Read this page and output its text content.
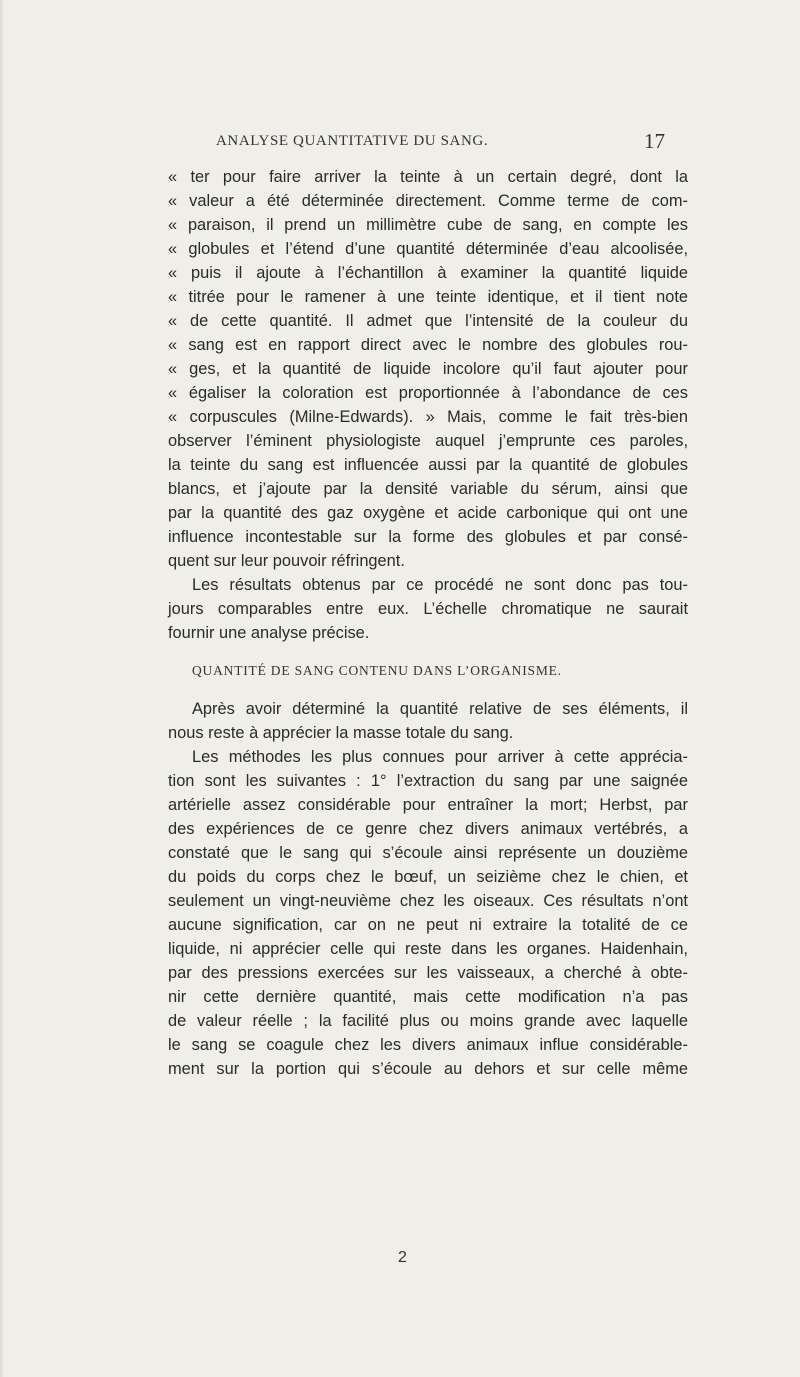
ANALYSE QUANTITATIVE DU SANG.	17
« ter pour faire arriver la teinte à un certain degré, dont la
« valeur a été déterminée directement. Comme terme de com-
« paraison, il prend un millimètre cube de sang, en compte les
« globules et l’étend d’une quantité déterminée d’eau alcoolisée,
« puis il ajoute à l’échantillon à examiner la quantité liquide
« titrée pour le ramener à une teinte identique, et il tient note
« de cette quantité. Il admet que l’intensité de la couleur du
« sang est en rapport direct avec le nombre des globules rou-
« ges, et la quantité de liquide incolore qu’il faut ajouter pour
« égaliser la coloration est proportionnée à l’abondance de ces
« corpuscules (Milne-Edwards). » Mais, comme le fait très-bien
observer l’éminent physiologiste auquel j’emprunte ces paroles,
la teinte du sang est influencée aussi par la quantité de globules
blancs, et j’ajoute par la densité variable du sérum, ainsi que
par la quantité des gaz oxygène et acide carbonique qui ont une
influence incontestable sur la forme des globules et par consé-
quent sur leur pouvoir réfringent.
Les résultats obtenus par ce procédé ne sont donc pas tou-
jours comparables entre eux. L’échelle chromatique ne saurait
fournir une analyse précise.
QUANTITÉ DE SANG CONTENU DANS L’ORGANISME.
Après avoir déterminé la quantité relative de ses éléments, il
nous reste à apprécier la masse totale du sang.
Les méthodes les plus connues pour arriver à cette apprécia-
tion sont les suivantes : 1° l’extraction du sang par une saignée
artérielle assez considérable pour entraîner la mort; Herbst, par
des expériences de ce genre chez divers animaux vertébrés, a
constaté que le sang qui s’écoule ainsi représente un douzième
du poids du corps chez le bœuf, un seizième chez le chien, et
seulement un vingt-neuvième chez les oiseaux. Ces résultats n’ont
aucune signification, car on ne peut ni extraire la totalité de ce
liquide, ni apprécier celle qui reste dans les organes. Haidenhain,
par des pressions exercées sur les vaisseaux, a cherché à obte-
nir cette dernière quantité, mais cette modification n’a pas
de valeur réelle ; la facilité plus ou moins grande avec laquelle
le sang se coagule chez les divers animaux influe considérable-
ment sur la portion qui s’écoule au dehors et sur celle même
2
